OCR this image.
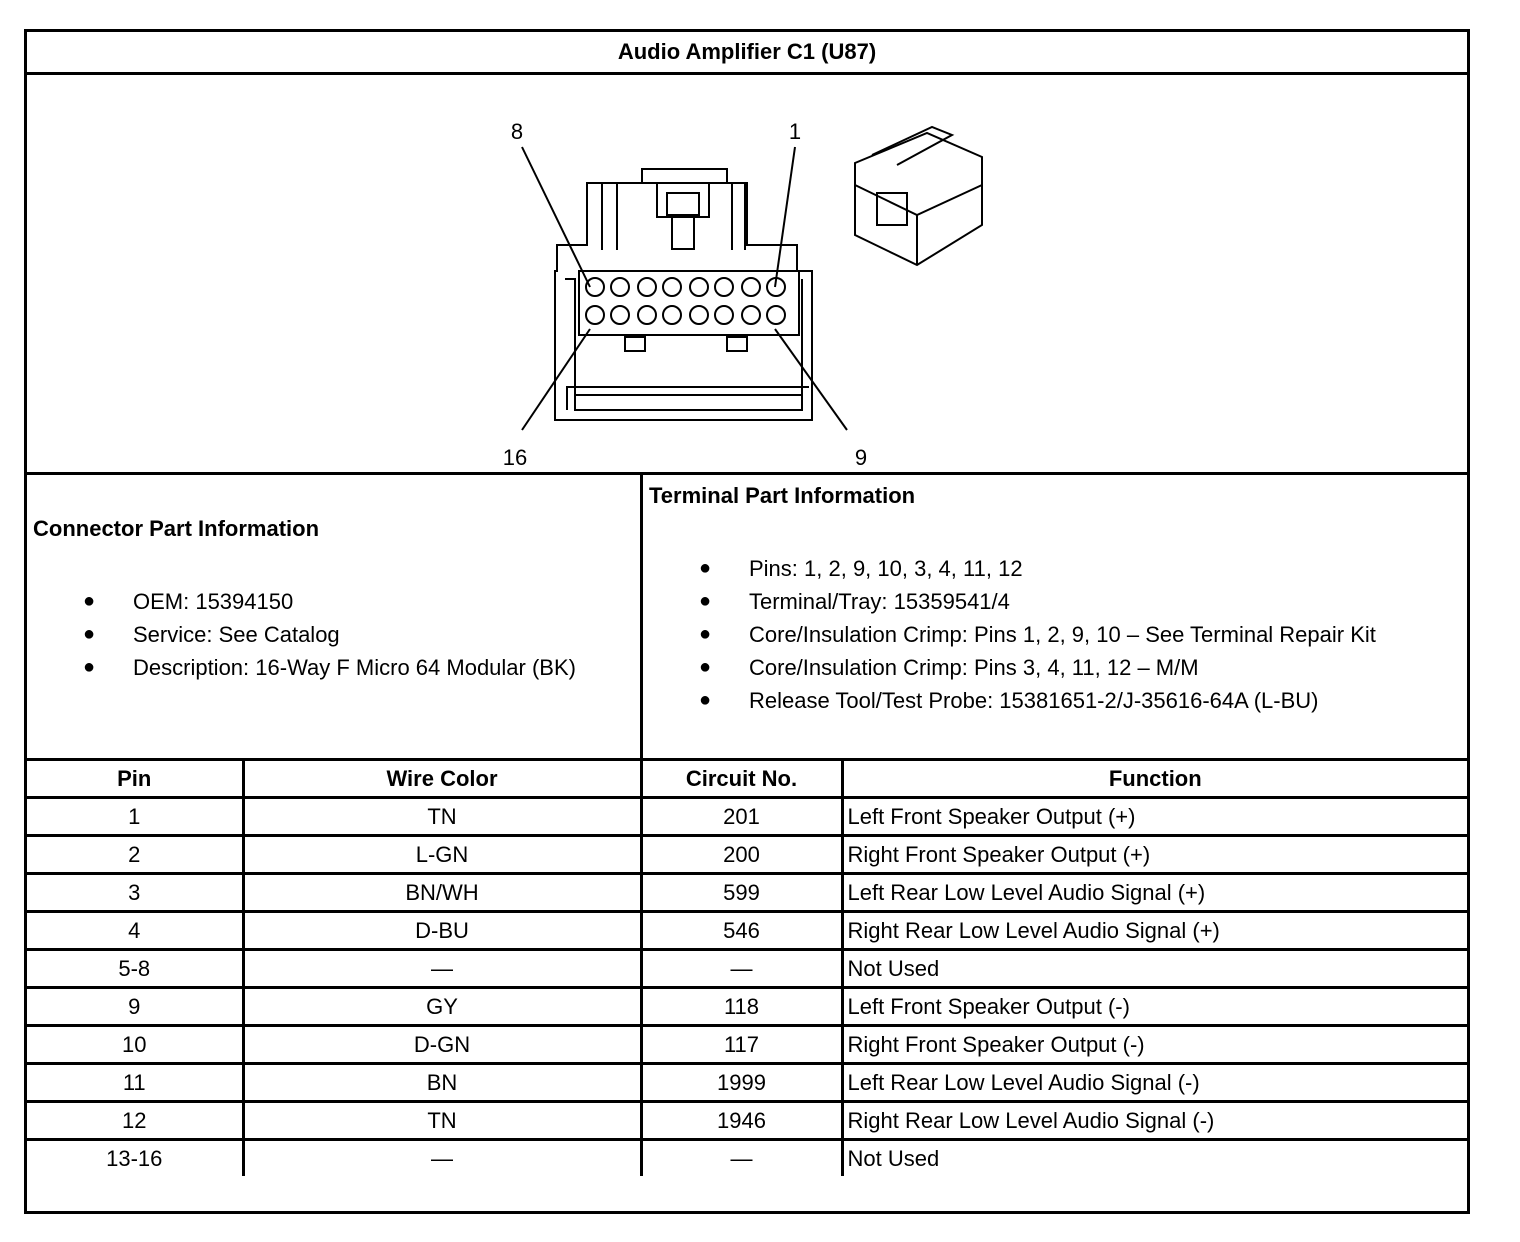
Audio Amplifier C1 (U87)
8	1
16	9
Connector Part Information
● OEM: 15394150
● Service: See Catalog
● Description: 16-Way F Micro 64 Modular (BK)
Terminal Part Information
● Pins: 1, 2, 9, 10, 3, 4, 11, 12
● Terminal/Tray: 15359541/4
● Core/Insulation Crimp: Pins 1, 2, 9, 10 – See Terminal Repair Kit
● Core/Insulation Crimp: Pins 3, 4, 11, 12 – M/M
● Release Tool/Test Probe: 15381651-2/J-35616-64A (L-BU)
Pin	Wire Color	Circuit No.	Function
1	TN	201	Left Front Speaker Output (+)
2	L-GN	200	Right Front Speaker Output (+)
3	BN/WH	599	Left Rear Low Level Audio Signal (+)
4	D-BU	546	Right Rear Low Level Audio Signal (+)
5-8	—	—	Not Used
9	GY	118	Left Front Speaker Output (-)
10	D-GN	117	Right Front Speaker Output (-)
11	BN	1999	Left Rear Low Level Audio Signal (-)
12	TN	1946	Right Rear Low Level Audio Signal (-)
13-16	—	—	Not Used
